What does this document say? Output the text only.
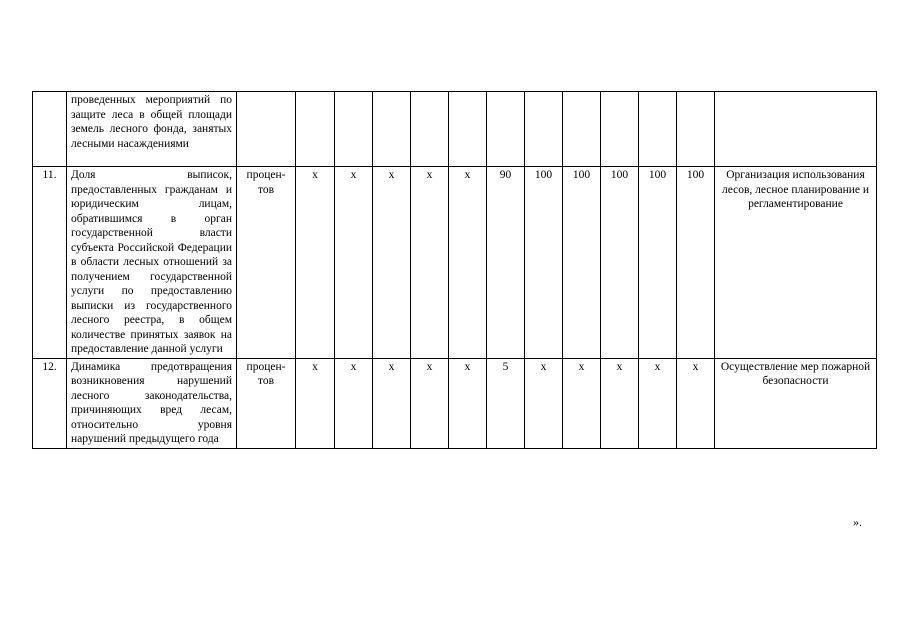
	проведенных мероприятий по защите леса в общей площади земель лесного фонда, занятых лесными насаждениями													
11.	Доля выписок, предоставленных гражданам и юридическим лицам, обратившимся в орган государственной власти субъекта Российской Федерации в области лесных отношений за получением государственной услуги по предоставлению выписки из государственного лесного реестра, в общем количестве принятых заявок на предоставление данной услуги	процен-тов	х	х	х	х	х	90	100	100	100	100	100	Организация использования лесов, лесное планирование и регламентирование
12.	Динамика предотвращения возникновения нарушений лесного законодательства, причиняющих вред лесам, относительно уровня нарушений предыдущего года	процен-тов	х	х	х	х	х	5	х	х	х	х	х	Осуществление мер пожарной безопасности
».
